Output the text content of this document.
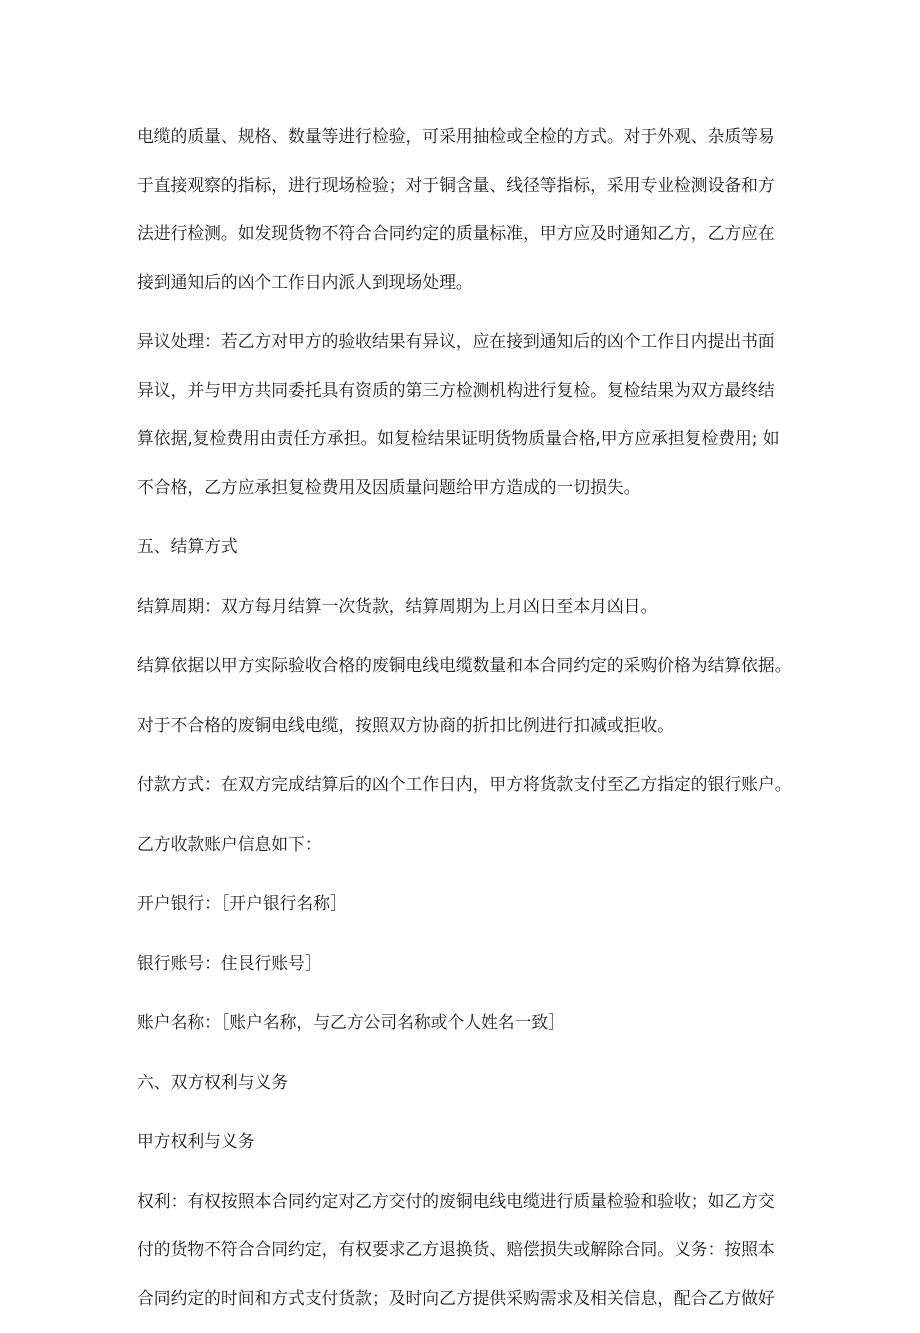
电缆的质量、规格、数量等进行检验，可采用抽检或全检的方式。对于外观、杂质等易
于直接观察的指标，进行现场检验；对于铜含量、线径等指标，采用专业检测设备和方
法进行检测。如发现货物不符合合同约定的质量标准，甲方应及时通知乙方，乙方应在
接到通知后的凶个工作日内派人到现场处理。

异议处理：若乙方对甲方的验收结果有异议，应在接到通知后的凶个工作日内提出书面
异议，并与甲方共同委托具有资质的第三方检测机构进行复检。复检结果为双方最终结
算依据,复检费用由责任方承担。如复检结果证明货物质量合格,甲方应承担复检费用; 如
不合格，乙方应承担复检费用及因质量问题给甲方造成的一切损失。

五、结算方式

结算周期：双方每月结算一次货款，结算周期为上月凶日至本月凶日。

结算依据以甲方实际验收合格的废铜电线电缆数量和本合同约定的采购价格为结算依据。

对于不合格的废铜电线电缆，按照双方协商的折扣比例进行扣减或拒收。

付款方式：在双方完成结算后的凶个工作日内，甲方将货款支付至乙方指定的银行账户。

乙方收款账户信息如下：

开户银行：［开户银行名称］

银行账号：住艮行账号］

账户名称：［账户名称，与乙方公司名称或个人姓名一致］

六、双方权利与义务

甲方权利与义务

权利：有权按照本合同约定对乙方交付的废铜电线电缆进行质量检验和验收；如乙方交
付的货物不符合合同约定，有权要求乙方退换货、赔偿损失或解除合同。义务：按照本
合同约定的时间和方式支付货款；及时向乙方提供采购需求及相关信息，配合乙方做好
